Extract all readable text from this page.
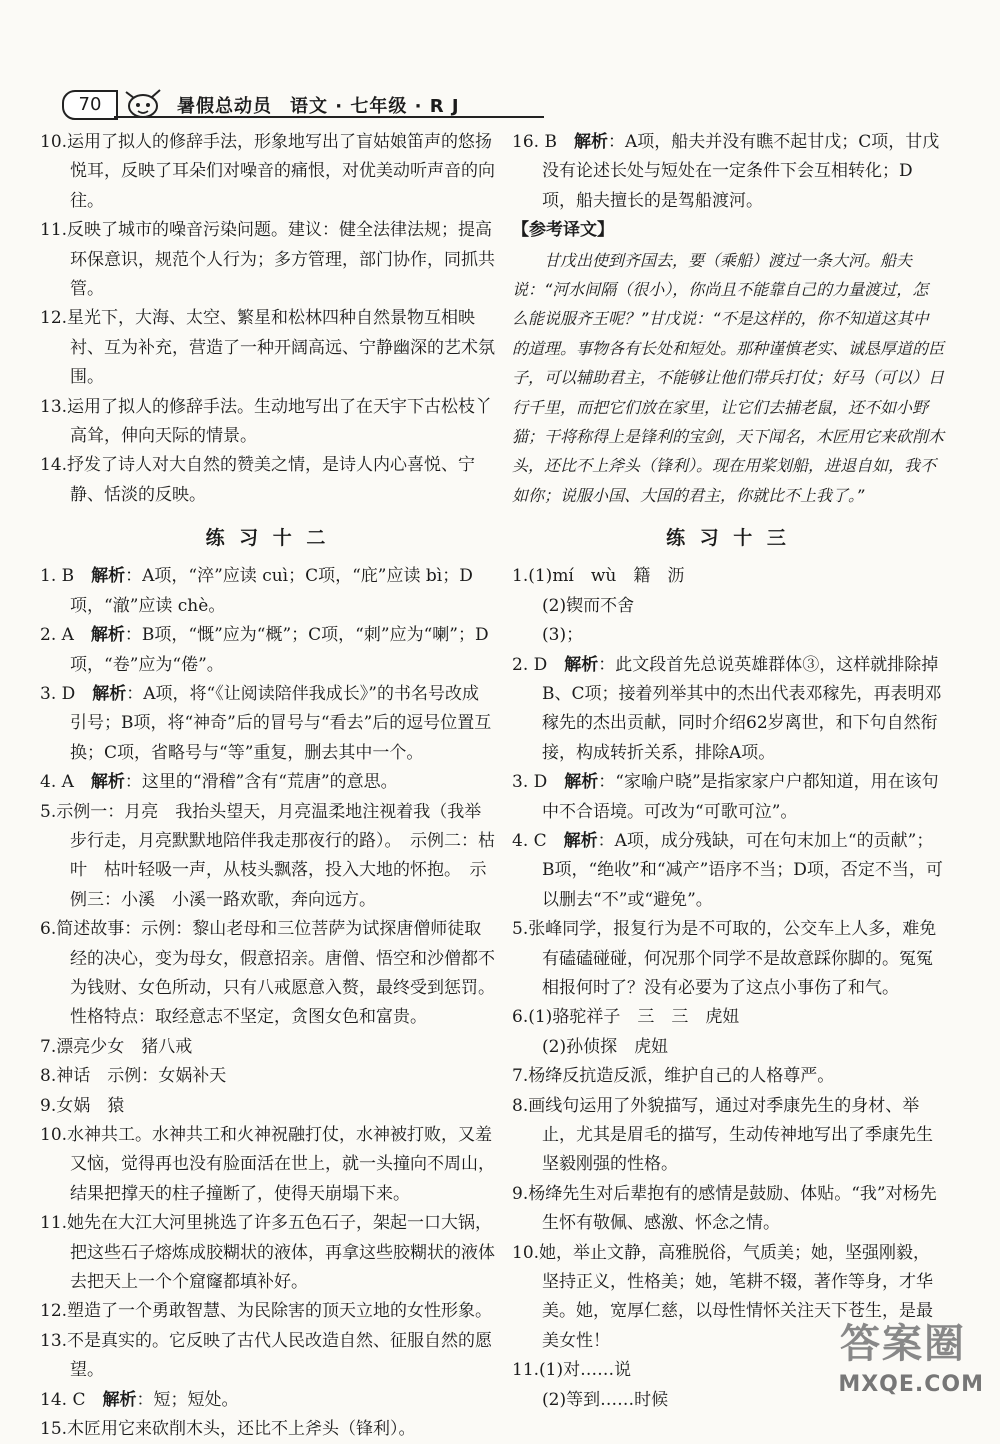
70	暑假总动员 语文 · 七年级 · R J

10.运用了拟人的修辞手法，形象地写出了盲姑娘笛声的悠扬悦耳，反映了耳朵们对噪音的痛恨，对优美动听声音的向往。

11.反映了城市的噪音污染问题。建议：健全法律法规；提高环保意识，规范个人行为；多方管理，部门协作，同抓共管。

12.星光下，大海、太空、繁星和松林四种自然景物互相映衬、互为补充，营造了一种开阔高远、宁静幽深的艺术氛围。

13.运用了拟人的修辞手法。生动地写出了在天宇下古松枝丫高耸，伸向天际的情景。

14.抒发了诗人对大自然的赞美之情，是诗人内心喜悦、宁静、恬淡的反映。

练 习 十 二

1. B　解析：A项，“淬”应读 cuì；C项，“庇”应读 bì；D项，“澈”应读 chè。

2. A　解析：B项，“慨”应为“概”；C项，“刺”应为“喇”；D项，“卷”应为“倦”。

3. D　解析：A项，将“《让阅读陪伴我成长》”的书名号改成引号；B项，将“神奇”后的冒号与“看去”后的逗号位置互换；C项，省略号与“等”重复，删去其中一个。

4. A　解析：这里的“滑稽”含有“荒唐”的意思。

5.示例一：月亮　我抬头望天，月亮温柔地注视着我（我举步行走，月亮默默地陪伴我走那夜行的路）。　示例二：枯叶　枯叶轻吸一声，从枝头飘落，投入大地的怀抱。　示例三：小溪　小溪一路欢歌，奔向远方。

6.简述故事：示例：黎山老母和三位菩萨为试探唐僧师徒取经的决心，变为母女，假意招亲。唐僧、悟空和沙僧都不为钱财、女色所动，只有八戒愿意入赘，最终受到惩罚。

性格特点：取经意志不坚定，贪图女色和富贵。

7.漂亮少女　猪八戒

8.神话　示例：女娲补天

9.女娲　猿

10.水神共工。水神共工和火神祝融打仗，水神被打败，又羞又恼，觉得再也没有脸面活在世上，就一头撞向不周山，结果把撑天的柱子撞断了，使得天崩塌下来。

11.她先在大江大河里挑选了许多五色石子，架起一口大锅，把这些石子熔炼成胶糊状的液体，再拿这些胶糊状的液体去把天上一个个窟窿都填补好。

12.塑造了一个勇敢智慧、为民除害的顶天立地的女性形象。

13.不是真实的。它反映了古代人民改造自然、征服自然的愿望。

14. C　解析：短；短处。

15.木匠用它来砍削木头，还比不上斧头（锋利）。

16. B　解析：A项，船夫并没有瞧不起甘戊；C项，甘戊没有论述长处与短处在一定条件下会互相转化；D项，船夫擅长的是驾船渡河。

【参考译文】

甘戊出使到齐国去，要（乘船）渡过一条大河。船夫说：“河水间隔（很小），你尚且不能靠自己的力量渡过，怎么能说服齐王呢？”甘戊说：“不是这样的，你不知道这其中的道理。事物各有长处和短处。那种谨慎老实、诚恳厚道的臣子，可以辅助君主，不能够让他们带兵打仗；好马（可以）日行千里，而把它们放在家里，让它们去捕老鼠，还不如小野猫；干将称得上是锋利的宝剑，天下闻名，木匠用它来砍削木头，还比不上斧头（锋利）。现在用桨划船，进退自如，我不如你；说服小国、大国的君主，你就比不上我了。”

练 习 十 三

1.(1)mí　wù　籍　沥

(2)锲而不舍

(3)；

2. D　解析：此文段首先总说英雄群体③，这样就排除掉B、C项；接着列举其中的杰出代表邓稼先，再表明邓稼先的杰出贡献，同时介绍62岁离世，和下句自然衔接，构成转折关系，排除A项。

3. D　解析：“家喻户晓”是指家家户户都知道，用在该句中不合语境。可改为“可歌可泣”。

4. C　解析：A项，成分残缺，可在句末加上“的贡献”；B项，“绝收”和“减产”语序不当；D项，否定不当，可以删去“不”或“避免”。

5.张峰同学，报复行为是不可取的，公交车上人多，难免有磕磕碰碰，何况那个同学不是故意踩你脚的。冤冤相报何时了？没有必要为了这点小事伤了和气。

6.(1)骆驼祥子　三　三　虎妞

(2)孙侦探　虎妞

7.杨绛反抗造反派，维护自己的人格尊严。

8.画线句运用了外貌描写，通过对季康先生的身材、举止，尤其是眉毛的描写，生动传神地写出了季康先生坚毅刚强的性格。

9.杨绛先生对后辈抱有的感情是鼓励、体贴。“我”对杨先生怀有敬佩、感激、怀念之情。

10.她，举止文静，高雅脱俗，气质美；她，坚强刚毅，坚持正义，性格美；她，笔耕不辍，著作等身，才华美。她，宽厚仁慈，以母性情怀关注天下苍生，是最美女性！

11.(1)对……说

(2)等到……时候

答案圈
MXQE.COM
